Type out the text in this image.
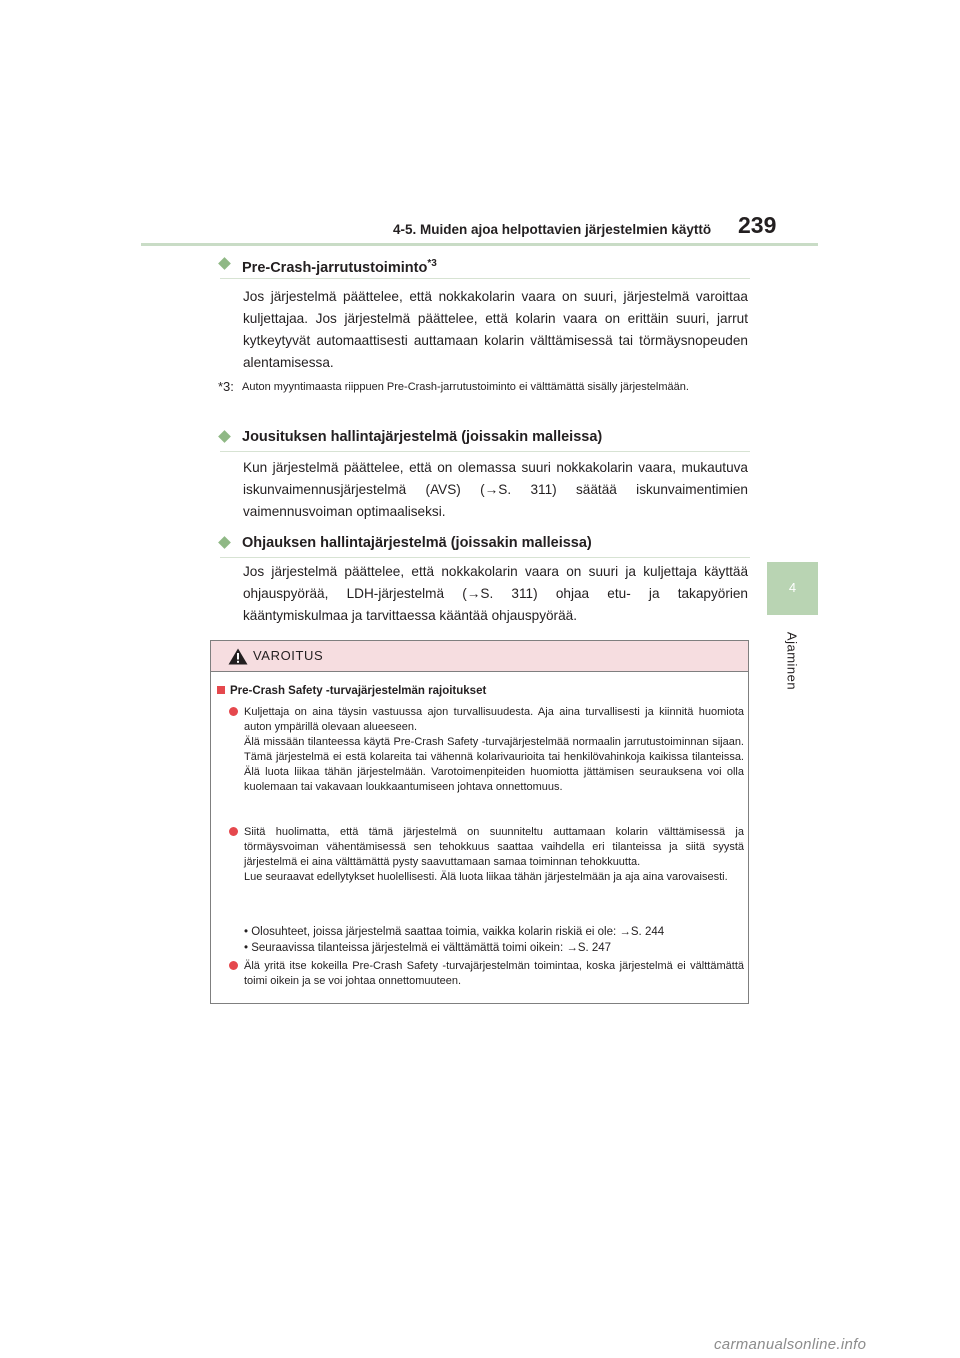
4-5. Muiden ajoa helpottavien järjestelmien käyttö 239
4
Ajaminen
Pre-Crash-jarrutustoiminto$^{*3}$
Jos järjestelmä päättelee, että nokkakolarin vaara on suuri, järjestelmä varoittaa kuljettajaa. Jos järjestelmä päättelee, että kolarin vaara on erittäin suuri, jarrut kytkeytyvät automaattisesti auttamaan kolarin välttämisessä tai törmäysnopeuden alentamisessa.
*3: Auton myyntimaasta riippuen Pre-Crash-jarrutustoiminto ei välttämättä sisälly järjestelmään.
Jousituksen hallintajärjestelmä (joissakin malleissa)
Kun järjestelmä päättelee, että on olemassa suuri nokkakolarin vaara, mukautuva iskunvaimennusjärjestelmä (AVS) (→S. 311) säätää iskunvaimentimien vaimennusvoiman optimaaliseksi.
Ohjauksen hallintajärjestelmä (joissakin malleissa)
Jos järjestelmä päättelee, että nokkakolarin vaara on suuri ja kuljettaja käyttää ohjauspyörää, LDH-järjestelmä (→S. 311) ohjaa etu- ja takapyörien kääntymiskulmaa ja tarvittaessa kääntää ohjauspyörää.
VAROITUS
Pre-Crash Safety -turvajärjestelmän rajoitukset

Kuljettaja on aina täysin vastuussa ajon turvallisuudesta. Aja aina turvallisesti ja kiinnitä huomiota auton ympärillä olevaan alueeseen.

Älä missään tilanteessa käytä Pre-Crash Safety -turvajärjestelmää normaalin jarrutustoiminnan sijaan. Tämä järjestelmä ei estä kolareita tai vähennä kolarivaurioita tai henkilövahinkoja kaikissa tilanteissa. Älä luota liikaa tähän järjestelmään. Varotoimenpiteiden huomiotta jättämisen seurauksena voi olla kuolemaan tai vakavaan loukkaantumiseen johtava onnettomuus.

Siitä huolimatta, että tämä järjestelmä on suunniteltu auttamaan kolarin välttämisessä ja törmäysvoiman vähentämisessä sen tehokkuus saattaa vaihdella eri tilanteissa ja siitä syystä järjestelmä ei aina välttämättä pysty saavuttamaan samaa toiminnan tehokkuutta.

Lue seuraavat edellytykset huolellisesti. Älä luota liikaa tähän järjestelmään ja aja aina varovaisesti.

• Olosuhteet, joissa järjestelmä saattaa toimia, vaikka kolarin riskiä ei ole: →S. 244
• Seuraavissa tilanteissa järjestelmä ei välttämättä toimi oikein: →S. 247
Älä yritä itse kokeilla Pre-Crash Safety -turvajärjestelmän toimintaa, koska järjestelmä ei välttämättä toimi oikein ja se voi johtaa onnettomuuteen.
carmanualsonline.info
